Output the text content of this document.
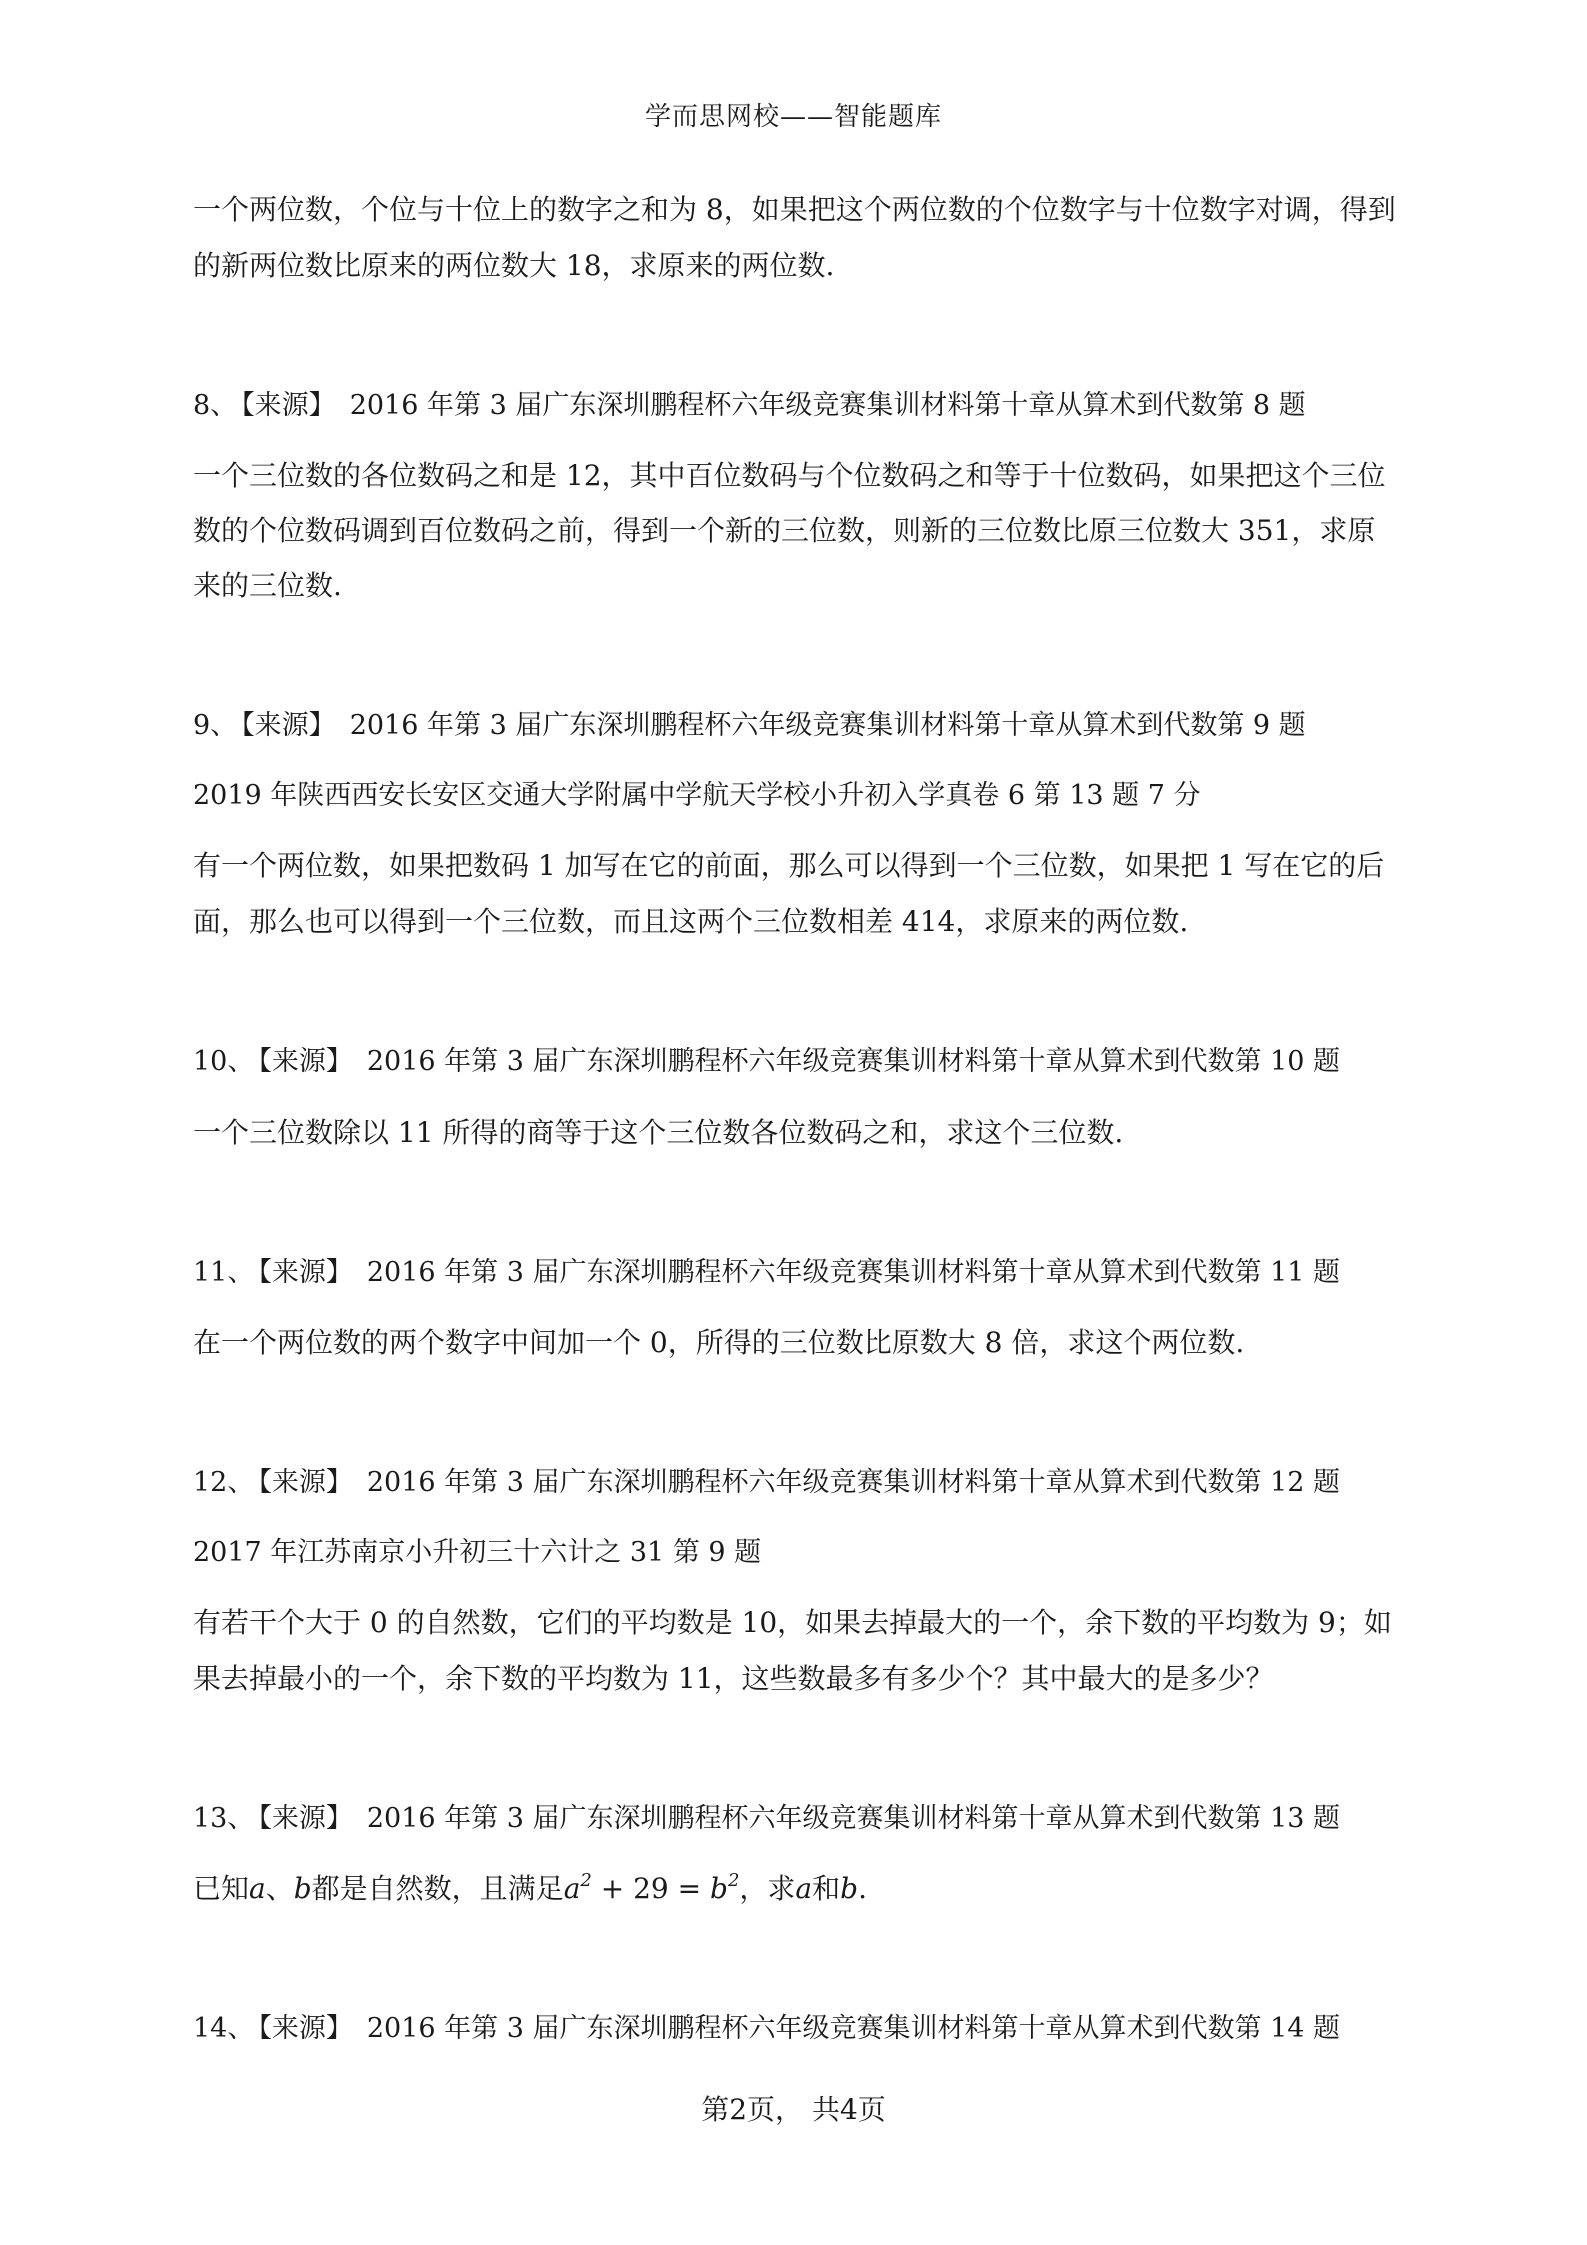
学而思网校——智能题库
一个两位数，个位与十位上的数字之和为 8，如果把这个两位数的个位数字与十位数字对调，得到
的新两位数比原来的两位数大 18，求原来的两位数.
8、 【来源】 2016 年第 3 届广东深圳鹏程杯六年级竞赛集训材料第十章从算术到代数第 8 题
一个三位数的各位数码之和是 12，其中百位数码与个位数码之和等于十位数码，如果把这个三位
数的个位数码调到百位数码之前，得到一个新的三位数，则新的三位数比原三位数大 351，求原
来的三位数.
9、 【来源】 2016 年第 3 届广东深圳鹏程杯六年级竞赛集训材料第十章从算术到代数第 9 题
2019 年陕西西安长安区交通大学附属中学航天学校小升初入学真卷 6 第 13 题 7 分
有一个两位数，如果把数码 1 加写在它的前面，那么可以得到一个三位数，如果把 1 写在它的后
面，那么也可以得到一个三位数，而且这两个三位数相差 414，求原来的两位数.
10、 【来源】 2016 年第 3 届广东深圳鹏程杯六年级竞赛集训材料第十章从算术到代数第 10 题
一个三位数除以 11 所得的商等于这个三位数各位数码之和，求这个三位数.
11、 【来源】 2016 年第 3 届广东深圳鹏程杯六年级竞赛集训材料第十章从算术到代数第 11 题
在一个两位数的两个数字中间加一个 0，所得的三位数比原数大 8 倍，求这个两位数.
12、 【来源】 2016 年第 3 届广东深圳鹏程杯六年级竞赛集训材料第十章从算术到代数第 12 题
2017 年江苏南京小升初三十六计之 31 第 9 题
有若干个大于 0 的自然数，它们的平均数是 10，如果去掉最大的一个，余下数的平均数为 9；如
果去掉最小的一个，余下数的平均数为 11，这些数最多有多少个？其中最大的是多少？
13、 【来源】 2016 年第 3 届广东深圳鹏程杯六年级竞赛集训材料第十章从算术到代数第 13 题
已知a、b都是自然数，且满足$a^2 + 29 = b^2$，求a和b.
14、 【来源】 2016 年第 3 届广东深圳鹏程杯六年级竞赛集训材料第十章从算术到代数第 14 题
第2页， 共4页
